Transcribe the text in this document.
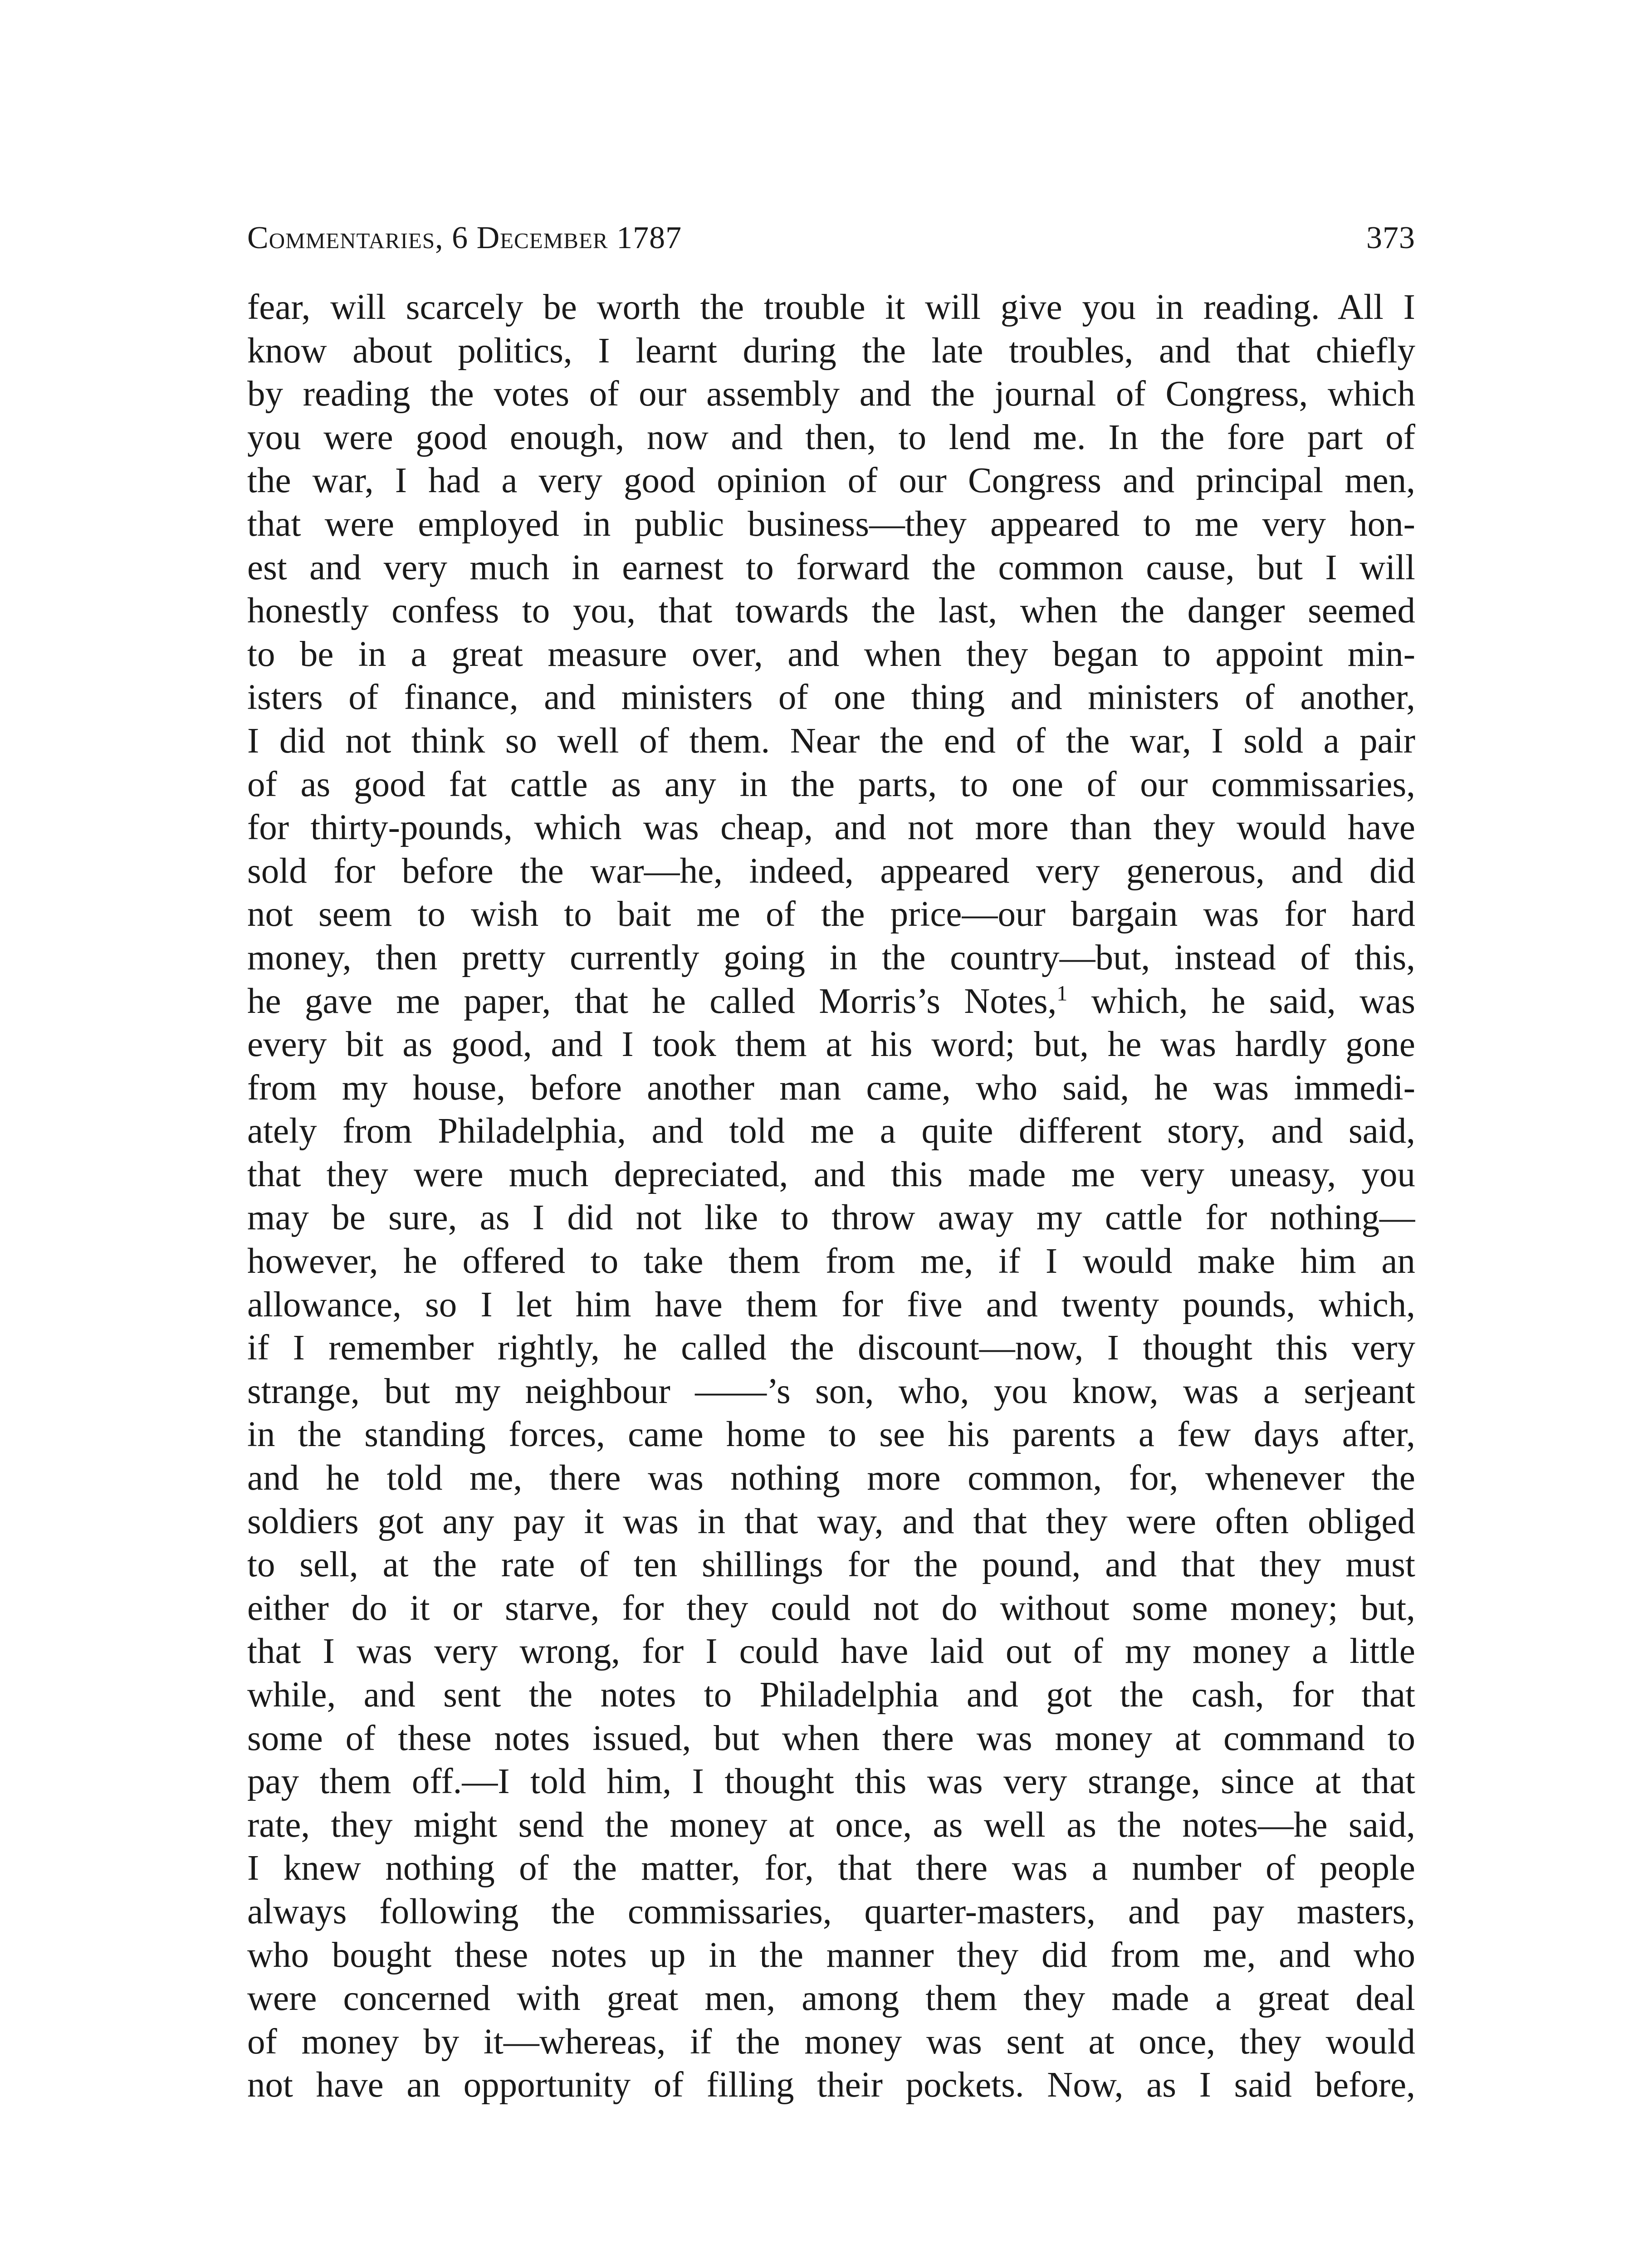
Commentaries, 6 December 1787	373
fear, will scarcely be worth the trouble it will give you in reading. All I
know about politics, I learnt during the late troubles, and that chiefly
by reading the votes of our assembly and the journal of Congress, which
you were good enough, now and then, to lend me. In the fore part of
the war, I had a very good opinion of our Congress and principal men,
that were employed in public business—they appeared to me very hon-
est and very much in earnest to forward the common cause, but I will
honestly confess to you, that towards the last, when the danger seemed
to be in a great measure over, and when they began to appoint min-
isters of finance, and ministers of one thing and ministers of another,
I did not think so well of them. Near the end of the war, I sold a pair
of as good fat cattle as any in the parts, to one of our commissaries,
for thirty-pounds, which was cheap, and not more than they would have
sold for before the war—he, indeed, appeared very generous, and did
not seem to wish to bait me of the price—our bargain was for hard
money, then pretty currently going in the country—but, instead of this,
he gave me paper, that he called Morris’s Notes,$^1$ which, he said, was
every bit as good, and I took them at his word; but, he was hardly gone
from my house, before another man came, who said, he was immedi-
ately from Philadelphia, and told me a quite different story, and said,
that they were much depreciated, and this made me very uneasy, you
may be sure, as I did not like to throw away my cattle for nothing—
however, he offered to take them from me, if I would make him an
allowance, so I let him have them for five and twenty pounds, which,
if I remember rightly, he called the discount—now, I thought this very
strange, but my neighbour ——’s son, who, you know, was a serjeant
in the standing forces, came home to see his parents a few days after,
and he told me, there was nothing more common, for, whenever the
soldiers got any pay it was in that way, and that they were often obliged
to sell, at the rate of ten shillings for the pound, and that they must
either do it or starve, for they could not do without some money; but,
that I was very wrong, for I could have laid out of my money a little
while, and sent the notes to Philadelphia and got the cash, for that
some of these notes issued, but when there was money at command to
pay them off.—I told him, I thought this was very strange, since at that
rate, they might send the money at once, as well as the notes—he said,
I knew nothing of the matter, for, that there was a number of people
always following the commissaries, quarter-masters, and pay masters,
who bought these notes up in the manner they did from me, and who
were concerned with great men, among them they made a great deal
of money by it—whereas, if the money was sent at once, they would
not have an opportunity of filling their pockets. Now, as I said before,
